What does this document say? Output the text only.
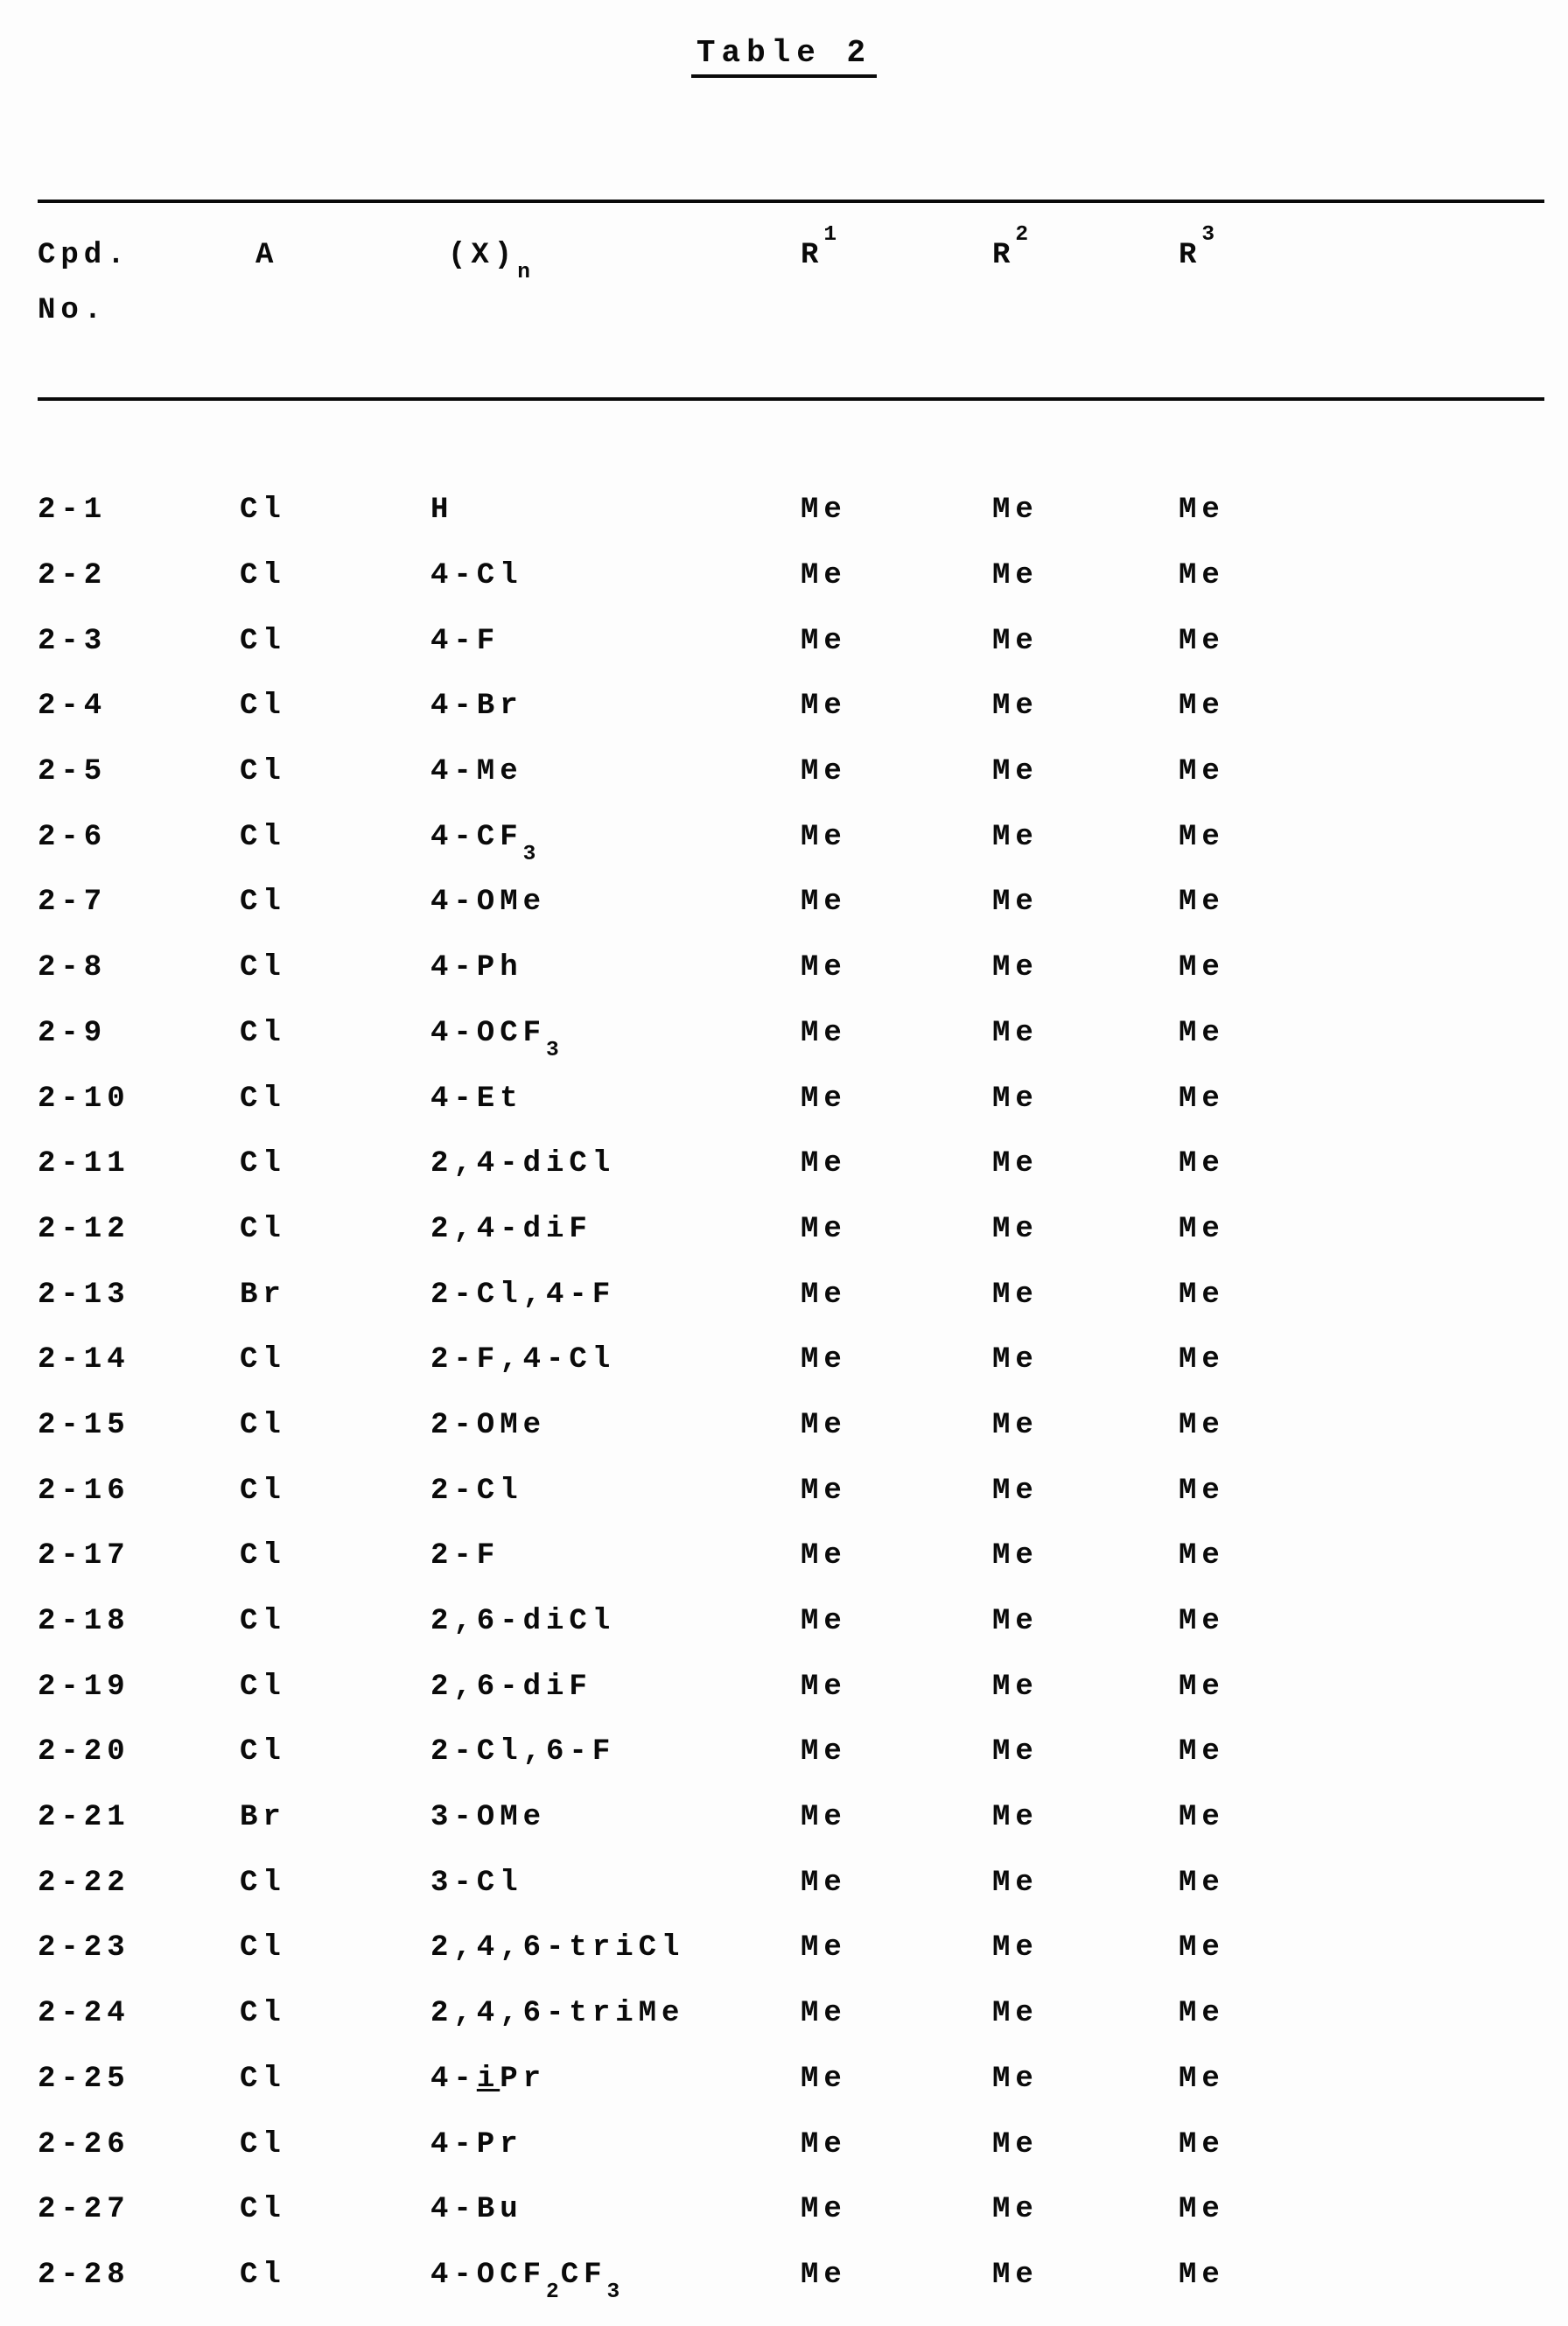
Table 2
Cpd.
No.	A	$(X)_n$	$R^1$	$R^2$	$R^3$

2-1	Cl	H	Me	Me	Me
2-2	Cl	4-Cl	Me	Me	Me
2-3	Cl	4-F	Me	Me	Me
2-4	Cl	4-Br	Me	Me	Me
2-5	Cl	4-Me	Me	Me	Me
2-6	Cl	$4-CF_3$	Me	Me	Me
2-7	Cl	4-OMe	Me	Me	Me
2-8	Cl	4-Ph	Me	Me	Me
2-9	Cl	$4-OCF_3$	Me	Me	Me
2-10	Cl	4-Et	Me	Me	Me
2-11	Cl	2,4-diCl	Me	Me	Me
2-12	Cl	2,4-diF	Me	Me	Me
2-13	Br	2-Cl,4-F	Me	Me	Me
2-14	Cl	2-F,4-Cl	Me	Me	Me
2-15	Cl	2-OMe	Me	Me	Me
2-16	Cl	2-Cl	Me	Me	Me
2-17	Cl	2-F	Me	Me	Me
2-18	Cl	2,6-diCl	Me	Me	Me
2-19	Cl	2,6-diF	Me	Me	Me
2-20	Cl	2-Cl,6-F	Me	Me	Me
2-21	Br	3-OMe	Me	Me	Me
2-22	Cl	3-Cl	Me	Me	Me
2-23	Cl	2,4,6-triCl	Me	Me	Me
2-24	Cl	2,4,6-triMe	Me	Me	Me
2-25	Cl	4-iPr	Me	Me	Me
2-26	Cl	4-Pr	Me	Me	Me
2-27	Cl	4-Bu	Me	Me	Me
2-28	Cl	$4-OCF_2CF_3$	Me	Me	Me
